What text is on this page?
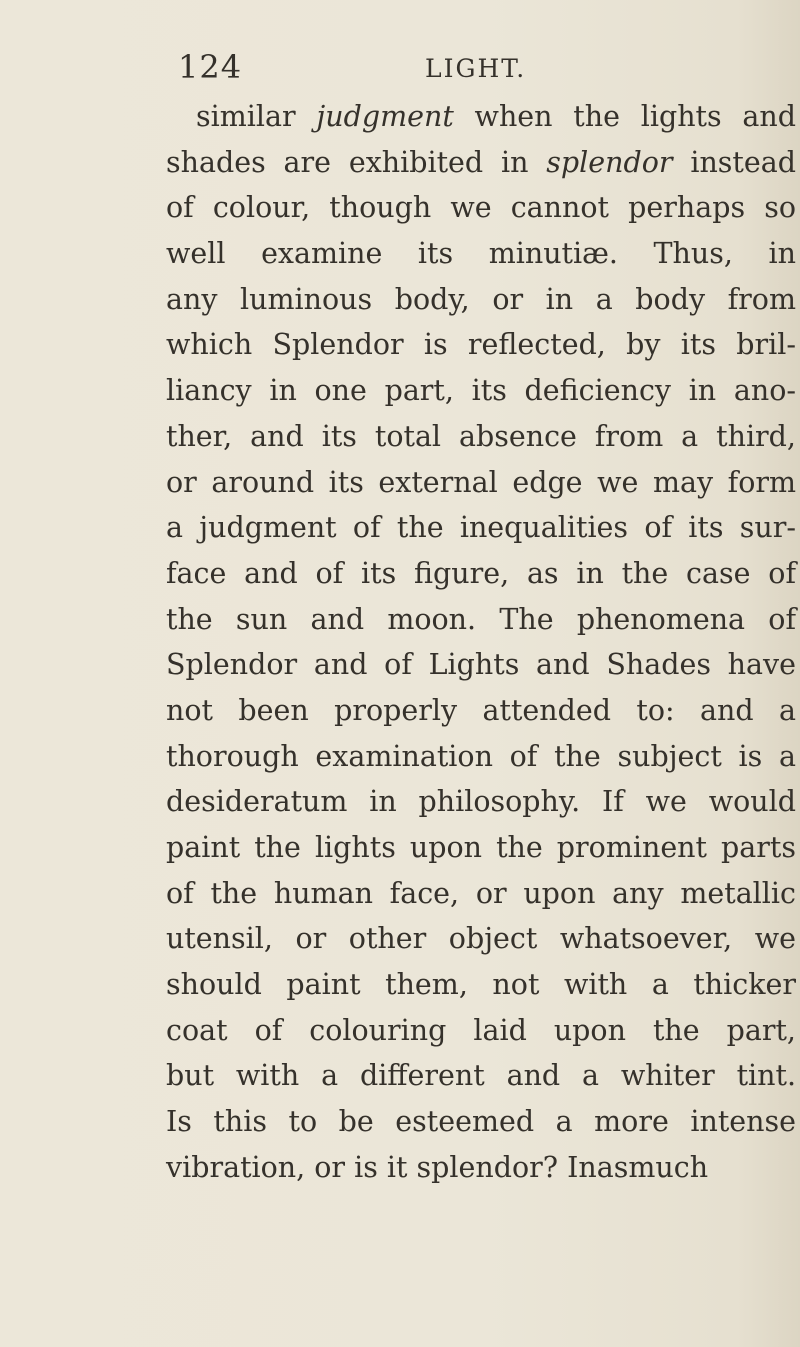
124	LIGHT.
similar judgment when the lights and
shades are exhibited in splendor instead
of colour, though we cannot perhaps so
well examine its minutiæ. Thus, in
any luminous body, or in a body from
which Splendor is reflected, by its bril-
liancy in one part, its deficiency in ano-
ther, and its total absence from a third,
or around its external edge we may form
a judgment of the inequalities of its sur-
face and of its figure, as in the case of
the sun and moon. The phenomena of
Splendor and of Lights and Shades have
not been properly attended to: and a
thorough examination of the subject is a
desideratum in philosophy. If we would
paint the lights upon the prominent parts
of the human face, or upon any metallic
utensil, or other object whatsoever, we
should paint them, not with a thicker
coat of colouring laid upon the part,
but with a different and a whiter tint.
Is this to be esteemed a more intense
vibration, or is it splendor? Inasmuch
